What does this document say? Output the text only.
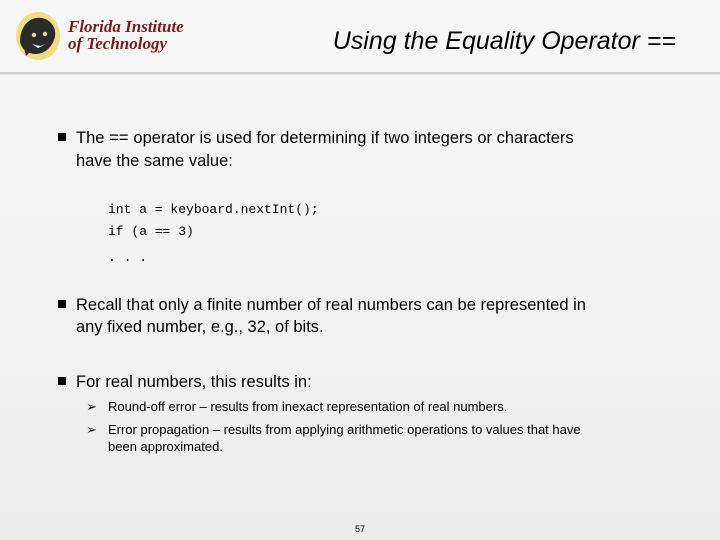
Florida Institute
of Technology	Using the Equality Operator ==
The == operator is used for determining if two integers or characters
have the same value:
int a = keyboard.nextInt();
if (a == 3)
. . .
Recall that only a finite number of real numbers can be represented in
any fixed number, e.g., 32, of bits.
For real numbers, this results in:
➢ Round-off error – results from inexact representation of real numbers.
➢ Error propagation – results from applying arithmetic operations to values that have
been approximated.
57
